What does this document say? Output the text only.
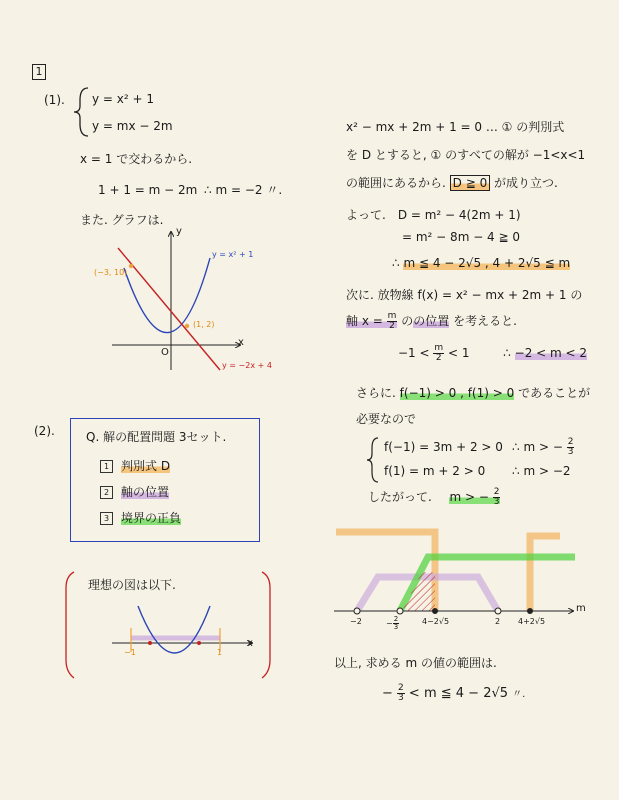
1
(1). y = x² + 1
y = mx − 2m
x = 1 で交わるから.
1 + 1 = m − 2m ∴ m = −2 〃.
また. グラフは.
y
x
O
(−3, 10)
(1, 2)
y = x² + 1
y = −2x + 4
(2).	Q. 解の配置問題 3セット.
1 判別式 D
2 軸の位置
3 境界の正負
理想の図は以下.
−1	1
x
x² − mx + 2m + 1 = 0 … ① の判別式
を D とすると, ① のすべての解が −1<x<1
の範囲にあるから. D ≧ 0 が成り立つ.
よって.　D = m² − 4(2m + 1)
= m² − 8m − 4 ≧ 0
∴ m ≦ 4 − 2√5 , 4 + 2√5 ≦ m
次に. 放物線 f(x) = x² − mx + 2m + 1 の
軸 $x = \frac{m}{2}$ のの位置 を考えると.
$-1 < \frac{m}{2} < 1$	∴ −2 < m < 2
さらに. f(−1) > 0 , f(1) > 0 であることが
必要なので
f(−1) = 3m + 2 > 0 ∴ m > − $\frac{2}{3}$
f(1) = m + 2 > 0 ∴ m > −2
したがって. m > − $\frac{2}{3}$
−2	− $\frac{2}{3}$	4−2√5	2 4+2√5
m
以上, 求める m の値の範囲は.
− $\frac{2}{3} < m$ ≦ 4 − 2√5 〃.
